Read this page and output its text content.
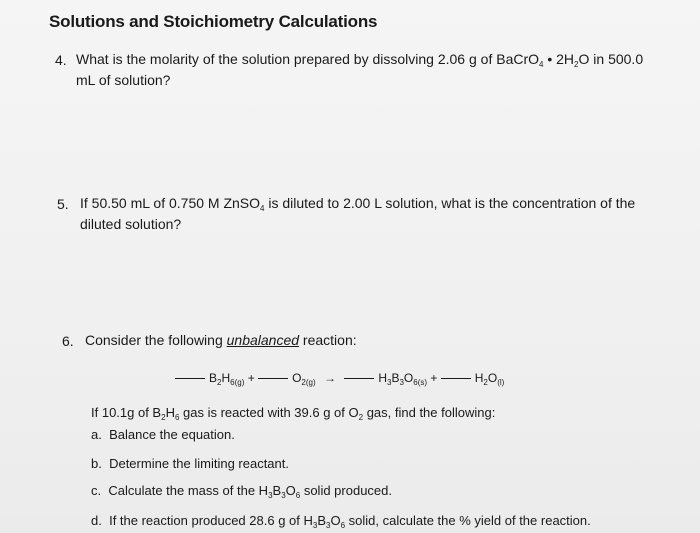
Solutions and Stoichiometry Calculations
4. What is the molarity of the solution prepared by dissolving 2.06 g of BaCrO$_4$ • $2H_2O$ in 500.0
mL of solution?
5. If 50.50 mL of 0.750 M ZnSO$_4$ is diluted to 2.00 L solution, what is the concentration of the
diluted solution?
6. Consider the following unbalanced reaction:
$B_2H_{6(g)}$ +	$O_{2(g)}$ →	$H_3B_3O_{6(s)}$ +	$H_2O_{(l)}$
If 10.1g of $B_2H_6$ gas is reacted with 39.6 g of $O_2$ gas, find the following:
a. Balance the equation.
b. Determine the limiting reactant.
c. Calculate the mass of the $H_3B_3O_6$ solid produced.
d. If the reaction produced 28.6 g of $H_3B_3O_6$ solid, calculate the % yield of the reaction.
